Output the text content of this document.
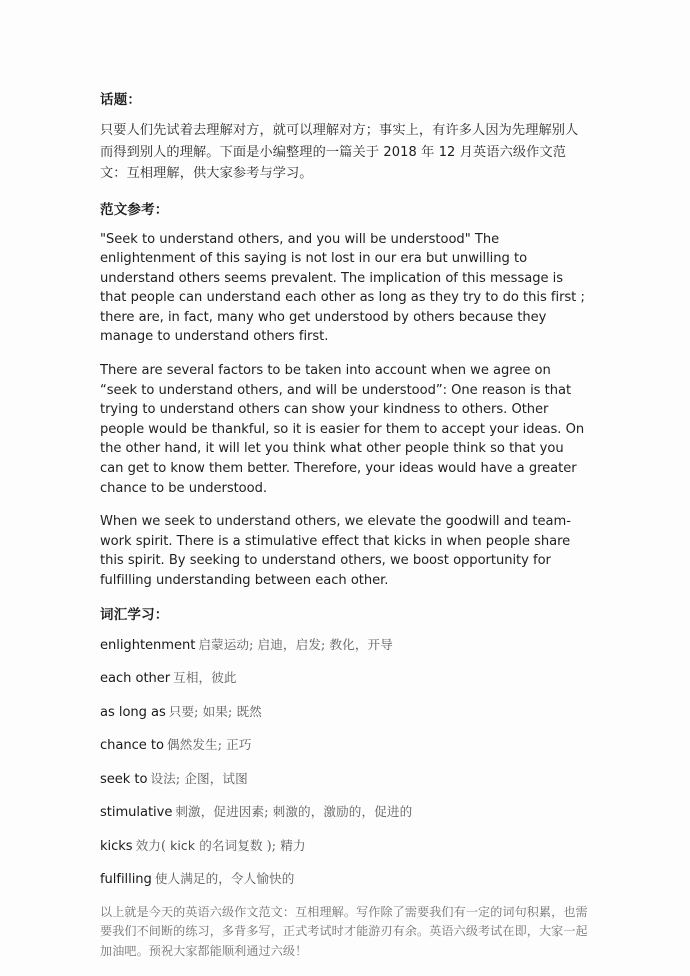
话题：

只要人们先试着去理解对方，就可以理解对方；事实上，有许多人因为先理解别人而得到别人的理解。下面是小编整理的一篇关于 2018 年 12 月英语六级作文范文：互相理解，供大家参考与学习。

范文参考：

"Seek to understand others, and you will be understood" The enlightenment of this saying is not lost in our era but unwilling to understand others seems prevalent. The implication of this message is that people can understand each other as long as they try to do this first ; there are, in fact, many who get understood by others because they manage to understand others first.

There are several factors to be taken into account when we agree on “seek to understand others, and will be understood”: One reason is that trying to understand others can show your kindness to others. Other people would be thankful, so it is easier for them to accept your ideas. On the other hand, it will let you think what other people think so that you can get to know them better. Therefore, your ideas would have a greater chance to be understood.

When we seek to understand others, we elevate the goodwill and team-work spirit. There is a stimulative effect that kicks in when people share this spirit. By seeking to understand others, we boost opportunity for fulfilling understanding between each other.

词汇学习：
enlightenment 启蒙运动; 启迪，启发; 教化，开导
each other 互相，彼此
as long as 只要; 如果; 既然
chance to 偶然发生; 正巧
seek to 设法; 企图，试图
stimulative 刺激，促进因素; 刺激的，激励的，促进的
kicks 效力( kick 的名词复数 ); 精力
fulfilling 使人满足的，令人愉快的

以上就是今天的英语六级作文范文：互相理解。写作除了需要我们有一定的词句积累，也需要我们不间断的练习，多背多写，正式考试时才能游刃有余。英语六级考试在即，大家一起加油吧。预祝大家都能顺利通过六级！
